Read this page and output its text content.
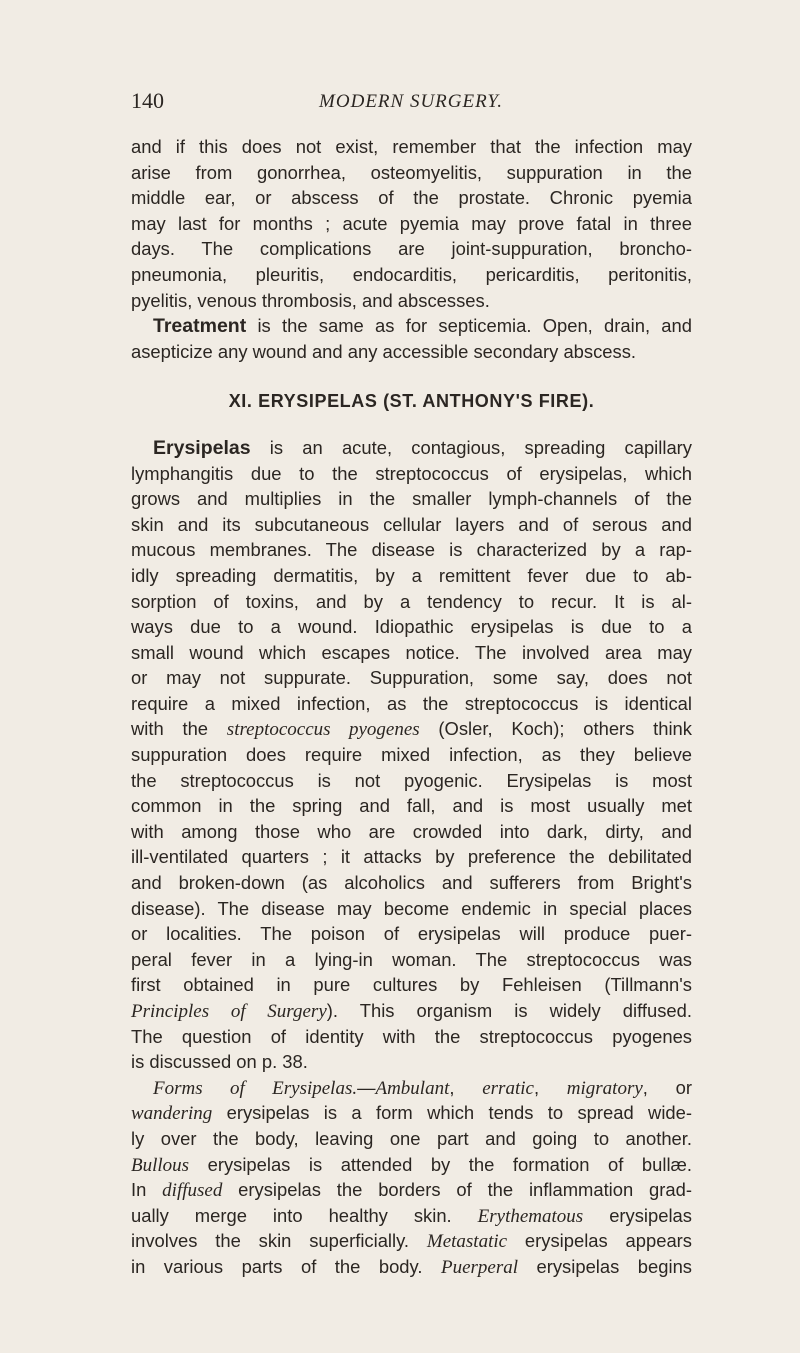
140	MODERN SURGERY.
and if this does not exist, remember that the infection may
arise from gonorrhea, osteomyelitis, suppuration in the
middle ear, or abscess of the prostate. Chronic pyemia
may last for months ; acute pyemia may prove fatal in three
days. The complications are joint-suppuration, broncho-
pneumonia, pleuritis, endocarditis, pericarditis, peritonitis,
pyelitis, venous thrombosis, and abscesses.
Treatment is the same as for septicemia. Open, drain, and
asepticize any wound and any accessible secondary abscess.
XI. ERYSIPELAS (ST. ANTHONY'S FIRE).
Erysipelas is an acute, contagious, spreading capillary
lymphangitis due to the streptococcus of erysipelas, which
grows and multiplies in the smaller lymph-channels of the
skin and its subcutaneous cellular layers and of serous and
mucous membranes. The disease is characterized by a rap-
idly spreading dermatitis, by a remittent fever due to ab-
sorption of toxins, and by a tendency to recur. It is al-
ways due to a wound. Idiopathic erysipelas is due to a
small wound which escapes notice. The involved area may
or may not suppurate. Suppuration, some say, does not
require a mixed infection, as the streptococcus is identical
with the streptococcus pyogenes (Osler, Koch); others think
suppuration does require mixed infection, as they believe
the streptococcus is not pyogenic. Erysipelas is most
common in the spring and fall, and is most usually met
with among those who are crowded into dark, dirty, and
ill-ventilated quarters ; it attacks by preference the debilitated
and broken-down (as alcoholics and sufferers from Bright's
disease). The disease may become endemic in special places
or localities. The poison of erysipelas will produce puer-
peral fever in a lying-in woman. The streptococcus was
first obtained in pure cultures by Fehleisen (Tillmann's
Principles of Surgery). This organism is widely diffused.
The question of identity with the streptococcus pyogenes
is discussed on p. 38.
Forms of Erysipelas.—Ambulant, erratic, migratory, or
wandering erysipelas is a form which tends to spread wide-
ly over the body, leaving one part and going to another.
Bullous erysipelas is attended by the formation of bullæ.
In diffused erysipelas the borders of the inflammation grad-
ually merge into healthy skin. Erythematous erysipelas
involves the skin superficially. Metastatic erysipelas appears
in various parts of the body. Puerperal erysipelas begins
